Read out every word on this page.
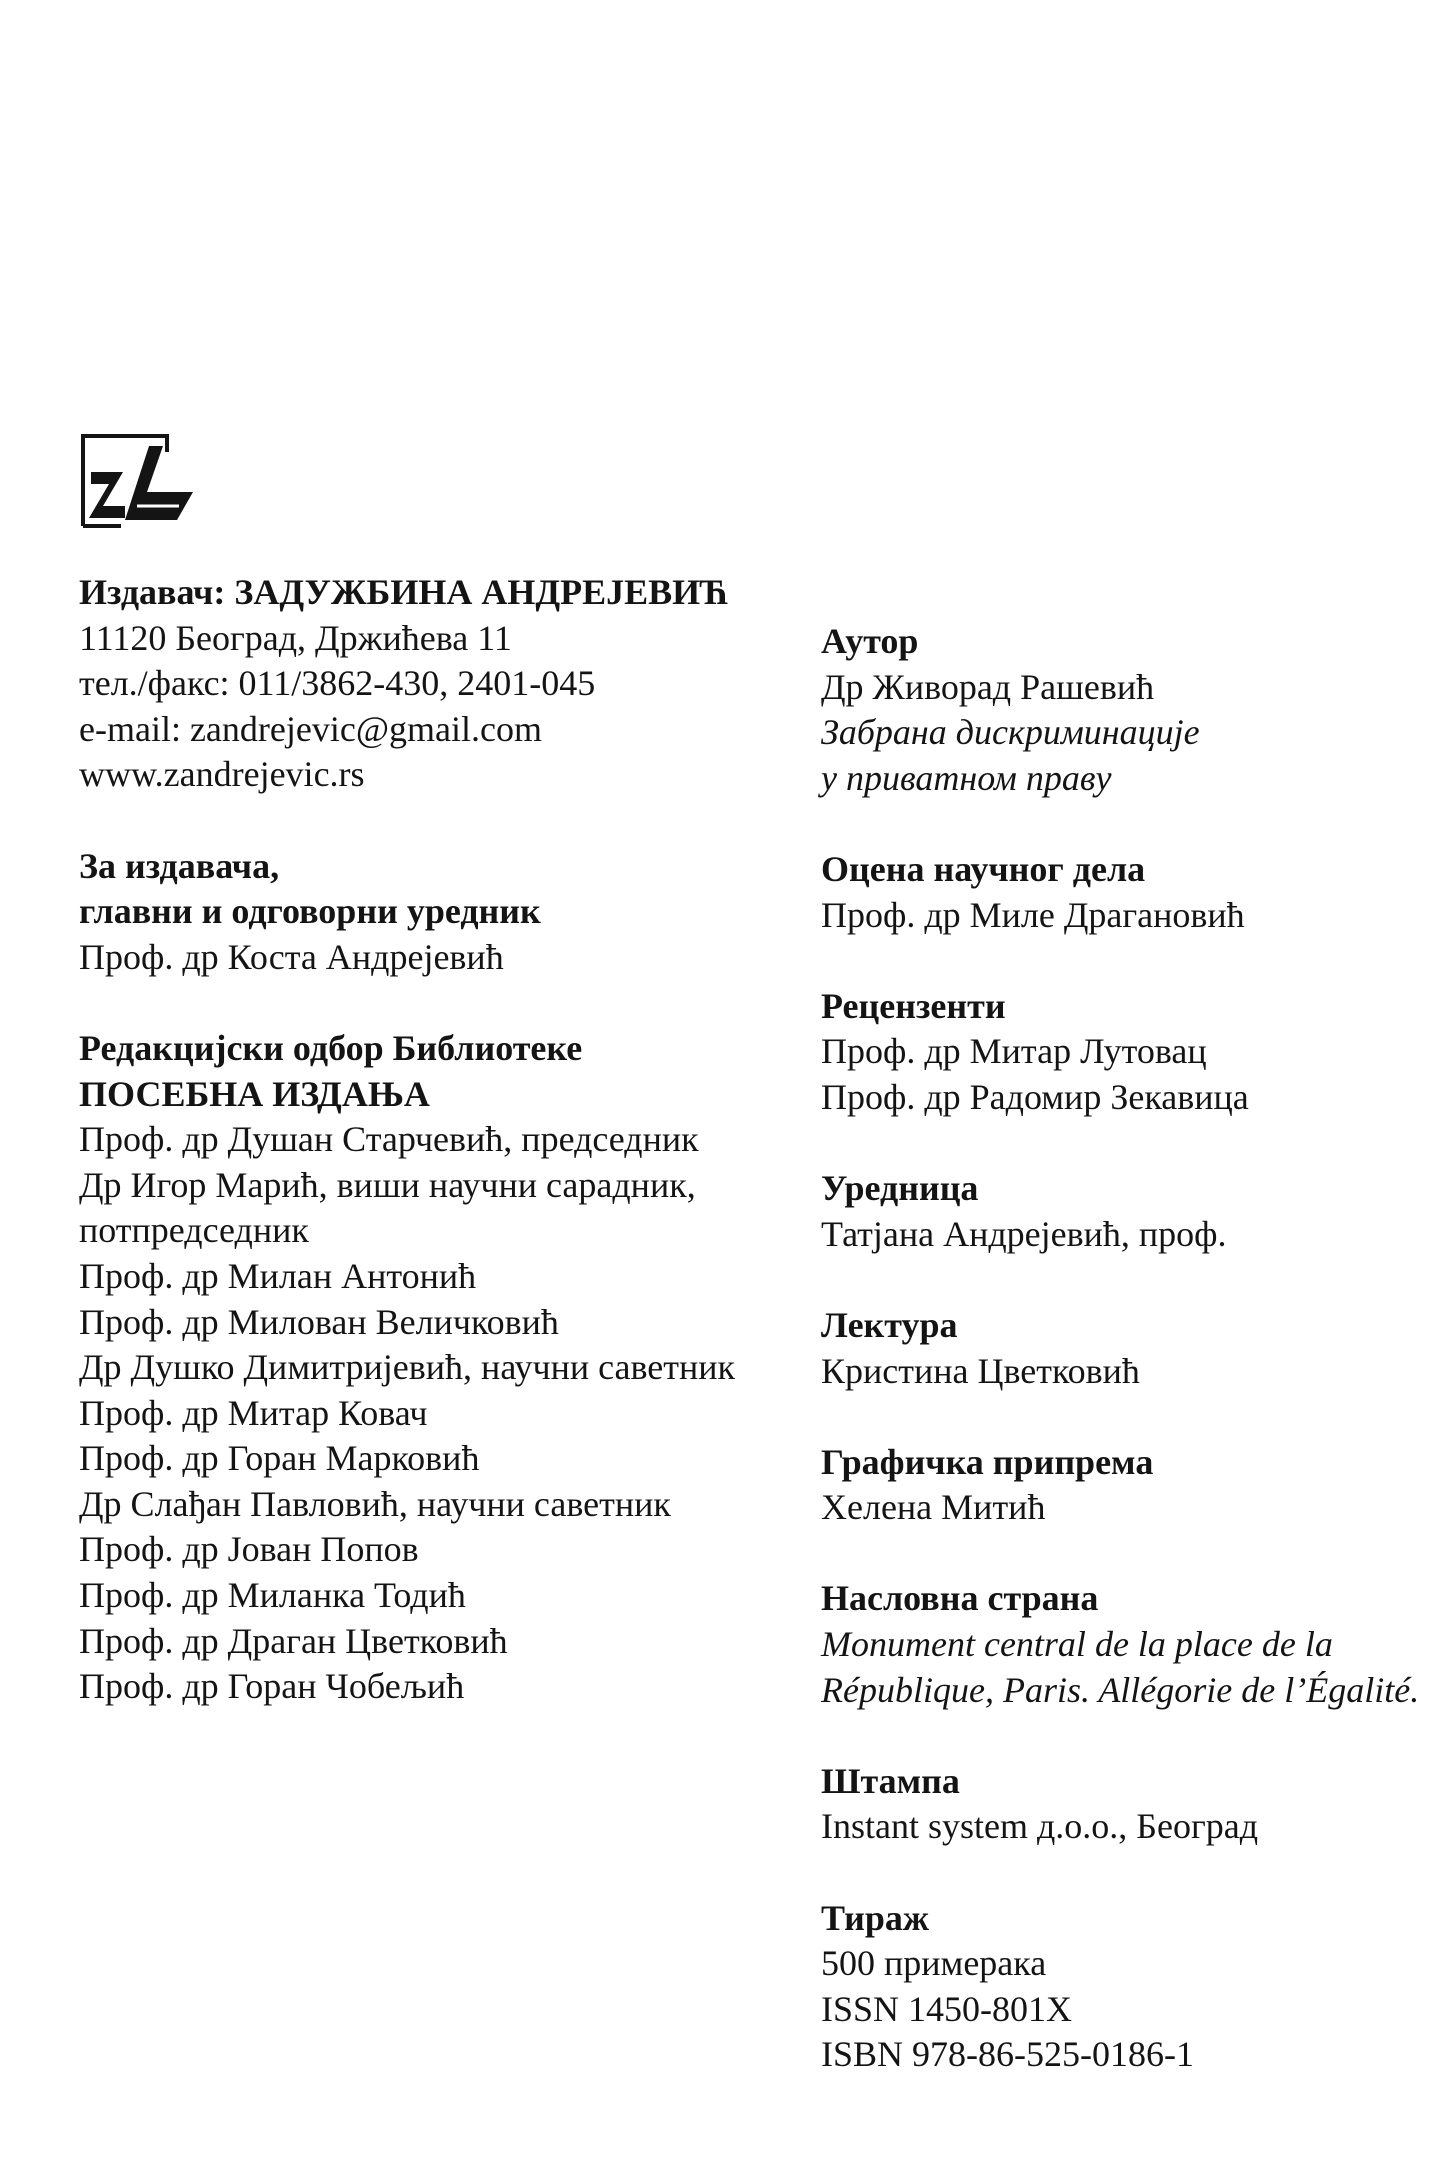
Издавач: ЗАДУЖБИНА АНДРЕЈЕВИЋ
11120 Београд, Држићева 11
тел./факс: 011/3862-430, 2401-045
e-mail: zandrejevic@gmail.com
www.zandrejevic.rs
За издавача,
главни и одговорни уредник
Проф. др Коста Андрејевић
Редакцијски одбор Библиотеке
ПОСЕБНА ИЗДАЊА
Проф. др Душан Старчевић, председник
Др Игор Марић, виши научни сарадник,
потпредседник
Проф. др Милан Антонић
Проф. др Милован Величковић
Др Душко Димитријевић, научни саветник
Проф. др Митар Ковач
Проф. др Горан Марковић
Др Слађан Павловић, научни саветник
Проф. др Јован Попов
Проф. др Миланка Тодић
Проф. др Драган Цветковић
Проф. др Горан Чобељић
Аутор
Др Живорад Рашевић
Забрана дискриминације
у приватном праву
Оцена научног дела
Проф. др Миле Драгановић
Рецензенти
Проф. др Митар Лутовац
Проф. др Радомир Зекавица
Уредница
Татјана Андрејевић, проф.
Лектура
Кристина Цветковић
Графичка припрема
Хелена Митић
Насловна страна
Monument central de la place de la
République, Paris. Allégorie de l’Égalité.
Штампа
Instant system д.о.о., Београд
Тираж
500 примерака
ISSN 1450-801X
ISBN 978-86-525-0186-1
